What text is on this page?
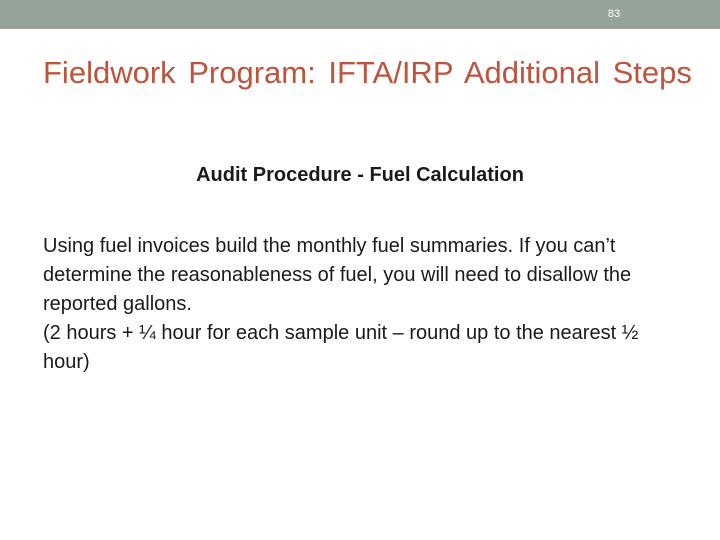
83
Fieldwork Program: IFTA/IRP Additional Steps
Audit Procedure - Fuel Calculation

Using fuel invoices build the monthly fuel summaries. If you can’t determine the reasonableness of fuel, you will need to disallow the reported gallons.

(2 hours + ¼ hour for each sample unit – round up to the nearest ½ hour)
